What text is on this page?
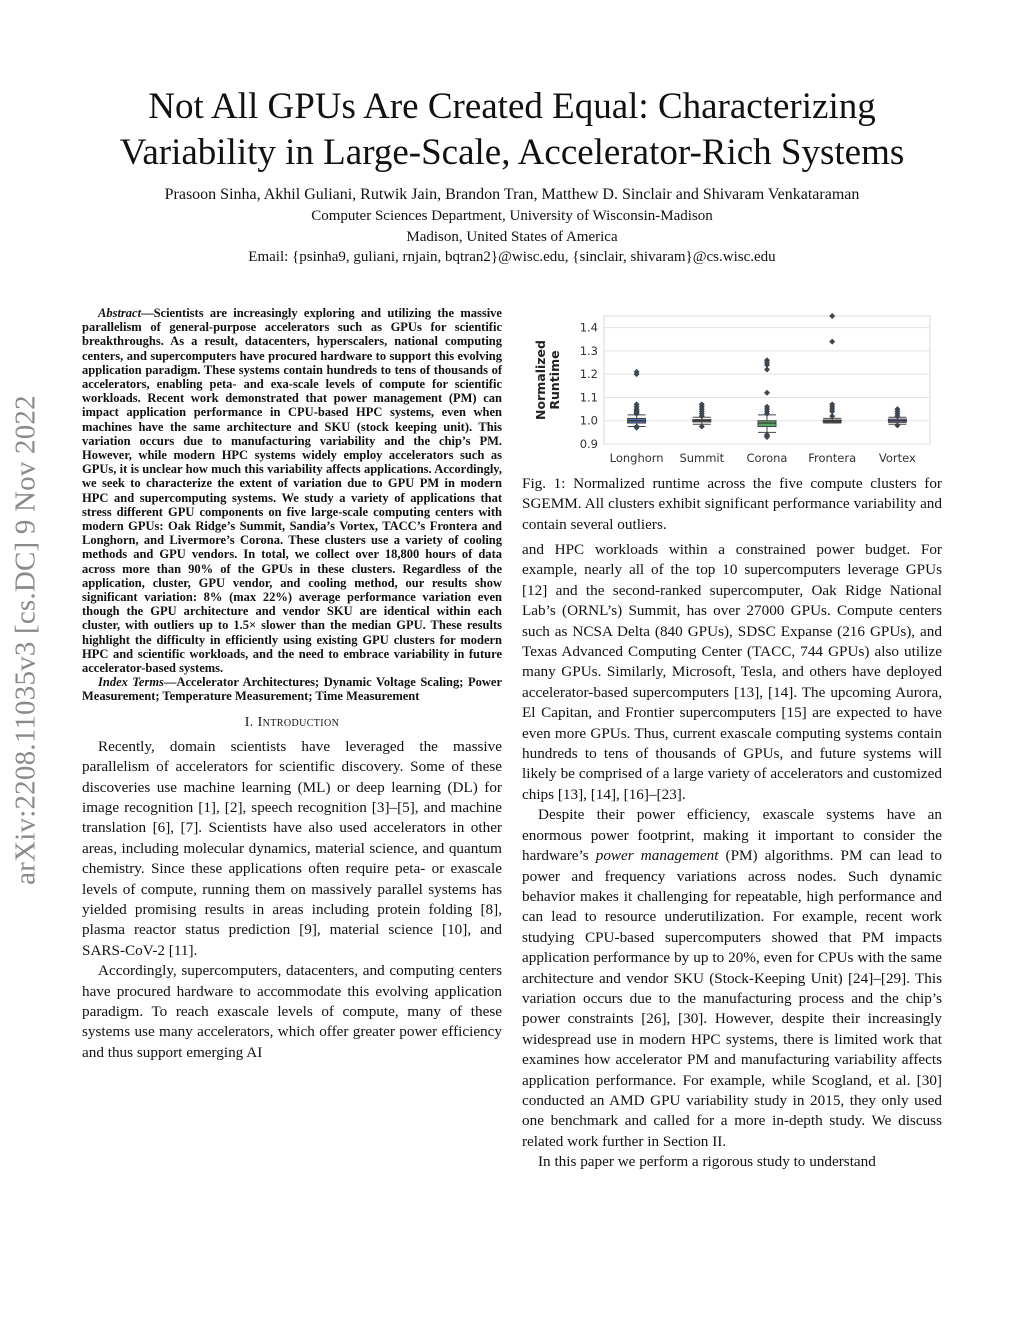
arXiv:2208.11035v3 [cs.DC] 9 Nov 2022
Not All GPUs Are Created Equal: Characterizing
Variability in Large-Scale, Accelerator-Rich Systems
Prasoon Sinha, Akhil Guliani, Rutwik Jain, Brandon Tran, Matthew D. Sinclair and Shivaram Venkataraman
Computer Sciences Department, University of Wisconsin-Madison
Madison, United States of America
Email: {psinha9, guliani, rnjain, bqtran2}@wisc.edu, {sinclair, shivaram}@cs.wisc.edu

Abstract—Scientists are increasingly exploring and utilizing the massive parallelism of general-purpose accelerators such as GPUs for scientific breakthroughs. As a result, datacenters, hyperscalers, national computing centers, and supercomputers have procured hardware to support this evolving application paradigm. These systems contain hundreds to tens of thousands of accelerators, enabling peta- and exa-scale levels of compute for scientific workloads. Recent work demonstrated that power management (PM) can impact application performance in CPU-based HPC systems, even when machines have the same architecture and SKU (stock keeping unit). This variation occurs due to manufacturing variability and the chip’s PM. However, while modern HPC systems widely employ accelerators such as GPUs, it is unclear how much this variability affects applications. Accordingly, we seek to characterize the extent of variation due to GPU PM in modern HPC and supercomputing systems. We study a variety of applications that stress different GPU components on five large-scale computing centers with modern GPUs: Oak Ridge’s Summit, Sandia’s Vortex, TACC’s Frontera and Longhorn, and Livermore’s Corona. These clusters use a variety of cooling methods and GPU vendors. In total, we collect over 18,800 hours of data across more than 90% of the GPUs in these clusters. Regardless of the application, cluster, GPU vendor, and cooling method, our results show significant variation: 8% (max 22%) average performance variation even though the GPU architecture and vendor SKU are identical within each cluster, with outliers up to 1.5× slower than the median GPU. These results highlight the difficulty in efficiently using existing GPU clusters for modern HPC and scientific workloads, and the need to embrace variability in future accelerator-based systems.

Index Terms—Accelerator Architectures; Dynamic Voltage Scaling; Power Measurement; Temperature Measurement; Time Measurement

I. Introduction

Recently, domain scientists have leveraged the massive parallelism of accelerators for scientific discovery. Some of these discoveries use machine learning (ML) or deep learning (DL) for image recognition [1], [2], speech recognition [3]–[5], and machine translation [6], [7]. Scientists have also used accelerators in other areas, including molecular dynamics, material science, and quantum chemistry. Since these applications often require peta- or exascale levels of compute, running them on massively parallel systems has yielded promising results in areas including protein folding [8], plasma reactor status prediction [9], material science [10], and SARS-CoV-2 [11].

Accordingly, supercomputers, datacenters, and computing centers have procured hardware to accommodate this evolving application paradigm. To reach exascale levels of compute, many of these systems use many accelerators, which offer greater power efficiency and thus support emerging AI

0.9
1.0
1.1
1.2
1.3
1.4
Normalized Runtime
Longhorn Summit Corona Frontera Vortex
Fig. 1: Normalized runtime across the five compute clusters for SGEMM. All clusters exhibit significant performance variability and contain several outliers.

and HPC workloads within a constrained power budget. For example, nearly all of the top 10 supercomputers leverage GPUs [12] and the second-ranked supercomputer, Oak Ridge National Lab’s (ORNL’s) Summit, has over 27000 GPUs. Compute centers such as NCSA Delta (840 GPUs), SDSC Expanse (216 GPUs), and Texas Advanced Computing Center (TACC, 744 GPUs) also utilize many GPUs. Similarly, Microsoft, Tesla, and others have deployed accelerator-based supercomputers [13], [14]. The upcoming Aurora, El Capitan, and Frontier supercomputers [15] are expected to have even more GPUs. Thus, current exascale computing systems contain hundreds to tens of thousands of GPUs, and future systems will likely be comprised of a large variety of accelerators and customized chips [13], [14], [16]–[23].

Despite their power efficiency, exascale systems have an enormous power footprint, making it important to consider the hardware’s power management (PM) algorithms. PM can lead to power and frequency variations across nodes. Such dynamic behavior makes it challenging for repeatable, high performance and can lead to resource underutilization. For example, recent work studying CPU-based supercomputers showed that PM impacts application performance by up to 20%, even for CPUs with the same architecture and vendor SKU (Stock-Keeping Unit) [24]–[29]. This variation occurs due to the manufacturing process and the chip’s power constraints [26], [30]. However, despite their increasingly widespread use in modern HPC systems, there is limited work that examines how accelerator PM and manufacturing variability affects application performance. For example, while Scogland, et al. [30] conducted an AMD GPU variability study in 2015, they only used one benchmark and called for a more in-depth study. We discuss related work further in Section II.

In this paper we perform a rigorous study to understand
